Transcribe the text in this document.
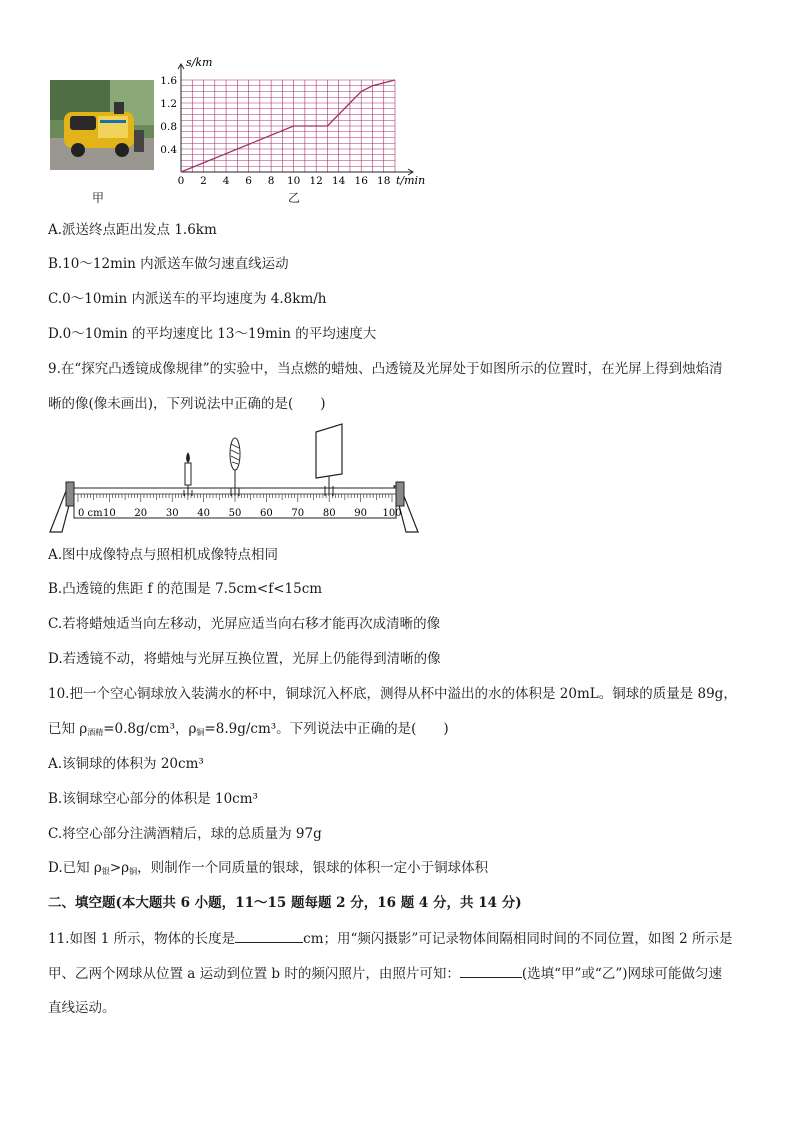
甲
0 2 4 6 8 10 12 14 16 18
0.4
0.8
1.2
1.6
s/km
t/min
乙
A.派送终点距出发点 1.6km
B.10～12min 内派送车做匀速直线运动
C.0～10min 内派送车的平均速度为 4.8km/h
D.0～10min 的平均速度比 13～19min 的平均速度大
9.在“探究凸透镜成像规律”的实验中，当点燃的蜡烛、凸透镜及光屏处于如图所示的位置时，在光屏上得到烛焰清
晰的像(像未画出)，下列说法中正确的是(　　)
0 cm 10 20 30 40 50 60 70 80 90 100
A.图中成像特点与照相机成像特点相同
B.凸透镜的焦距 f 的范围是 7.5cm<f<15cm
C.若将蜡烛适当向左移动，光屏应适当向右移才能再次成清晰的像
D.若透镜不动，将蜡烛与光屏互换位置，光屏上仍能得到清晰的像
10.把一个空心铜球放入装满水的杯中，铜球沉入杯底，测得从杯中溢出的水的体积是 20mL。铜球的质量是 89g，
已知 $\rho_{酒精}=0.8g$/cm³，$\rho_铜=8.9g$/cm³。下列说法中正确的是(　　)
A.该铜球的体积为 20cm³
B.该铜球空心部分的体积是 10cm³
C.将空心部分注满酒精后，球的总质量为 97g
D.已知 $\rho_银>\rho_铜$，则制作一个同质量的银球，银球的体积一定小于铜球体积
二、填空题(本大题共 6 小题，11～15 题每题 2 分，16 题 4 分，共 14 分)
11.如图 1 所示，物体的长度是	cm；用“频闪摄影”可记录物体间隔相同时间的不同位置，如图 2 所示是
甲、乙两个网球从位置 a 运动到位置 b 时的频闪照片，由照片可知：	(选填“甲”或“乙”)网球可能做匀速
直线运动。
